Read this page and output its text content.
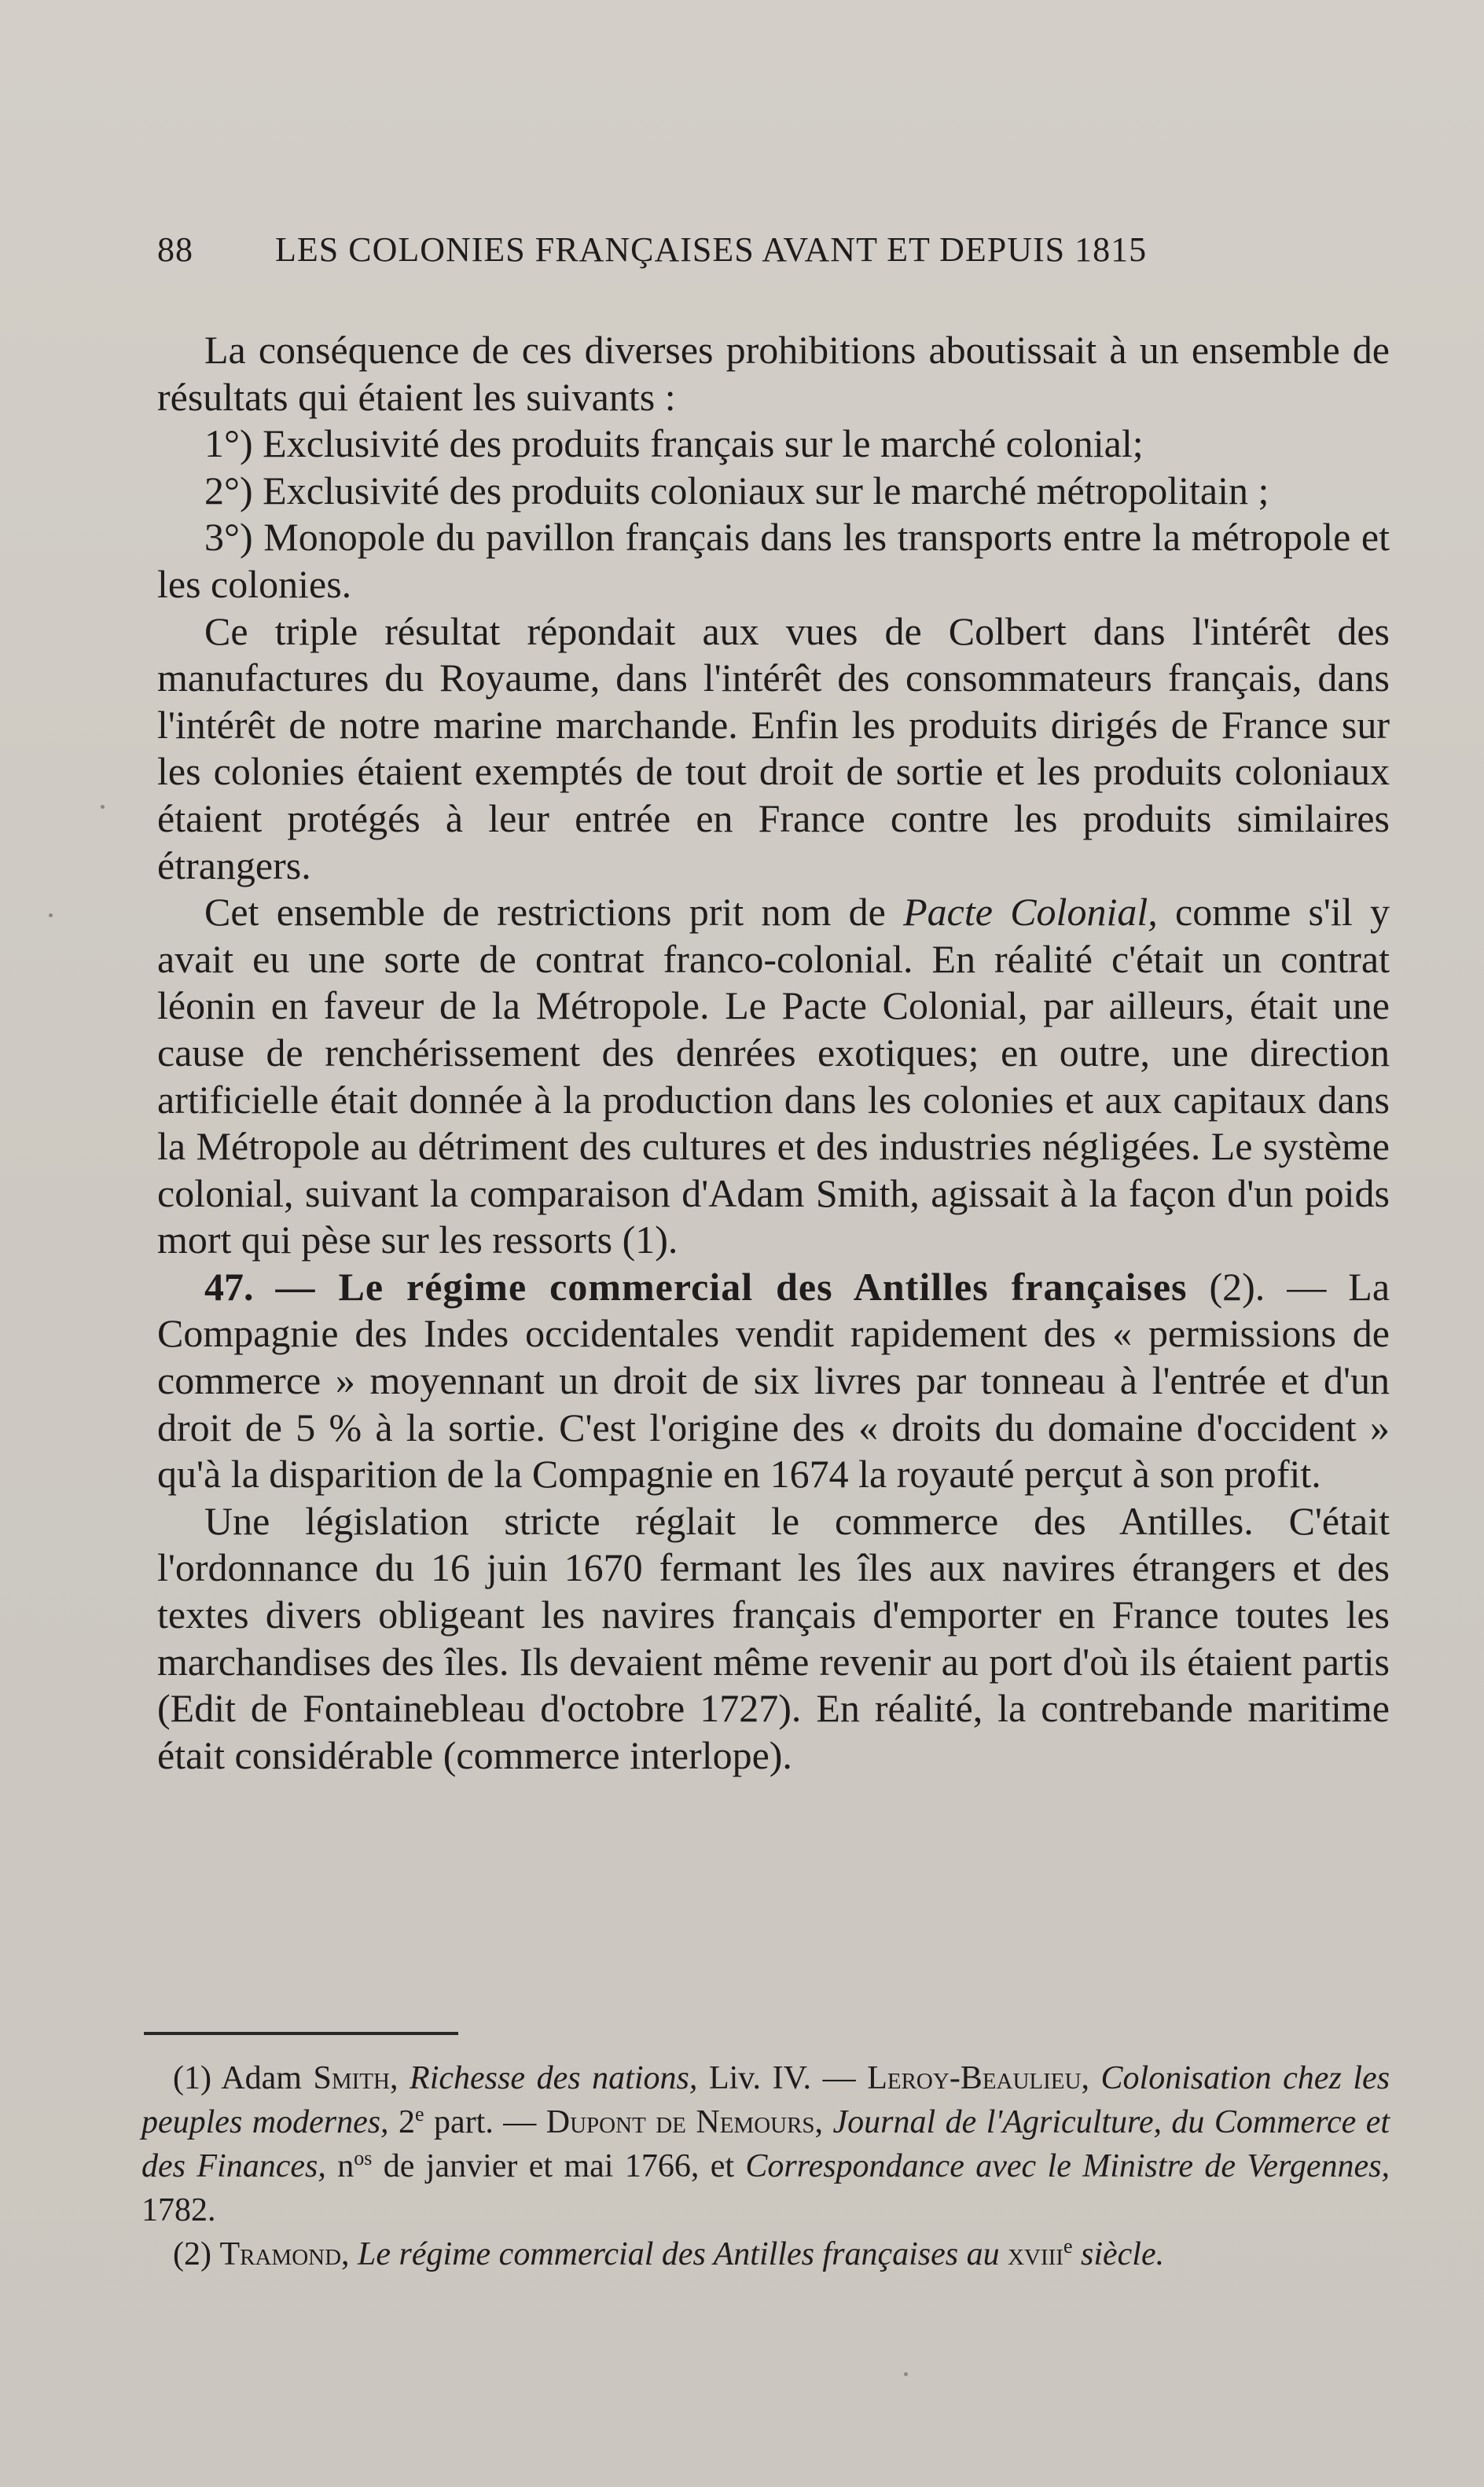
88 LES COLONIES FRANÇAISES AVANT ET DEPUIS 1815

La conséquence de ces diverses prohibitions aboutissait à un ensemble de résultats qui étaient les suivants :

1°) Exclusivité des produits français sur le marché colonial;

2°) Exclusivité des produits coloniaux sur le marché métropolitain ;

3°) Monopole du pavillon français dans les transports entre la métropole et les colonies.

Ce triple résultat répondait aux vues de Colbert dans l'intérêt des manufactures du Royaume, dans l'intérêt des consommateurs français, dans l'intérêt de notre marine marchande. Enfin les produits dirigés de France sur les colonies étaient exemptés de tout droit de sortie et les produits coloniaux étaient protégés à leur entrée en France contre les produits similaires étrangers.

Cet ensemble de restrictions prit nom de Pacte Colonial, comme s'il y avait eu une sorte de contrat franco-colonial. En réalité c'était un contrat léonin en faveur de la Métropole. Le Pacte Colonial, par ailleurs, était une cause de renchérissement des denrées exotiques; en outre, une direction artificielle était donnée à la production dans les colonies et aux capitaux dans la Métropole au détriment des cultures et des industries négligées. Le système colonial, suivant la comparaison d'Adam Smith, agissait à la façon d'un poids mort qui pèse sur les ressorts (1).

47. — Le régime commercial des Antilles françaises (2). — La Compagnie des Indes occidentales vendit rapidement des « permissions de commerce » moyennant un droit de six livres par tonneau à l'entrée et d'un droit de 5 % à la sortie. C'est l'origine des « droits du domaine d'occident » qu'à la disparition de la Compagnie en 1674 la royauté perçut à son profit.

Une législation stricte réglait le commerce des Antilles. C'était l'ordonnance du 16 juin 1670 fermant les îles aux navires étrangers et des textes divers obligeant les navires français d'emporter en France toutes les marchandises des îles. Ils devaient même revenir au port d'où ils étaient partis (Edit de Fontainebleau d'octobre 1727). En réalité, la contrebande maritime était considérable (commerce interlope).

(1) Adam Smith, Richesse des nations, Liv. IV. — Leroy-Beaulieu, Colonisation chez les peuples modernes, 2e part. — Dupont de Nemours, Journal de l'Agriculture, du Commerce et des Finances, $n^{os}$ de janvier et mai 1766, et Correspondance avec le Ministre de Vergennes, 1782.

(2) Tramond, Le régime commercial des Antilles françaises au xviii$^e$ siècle.
